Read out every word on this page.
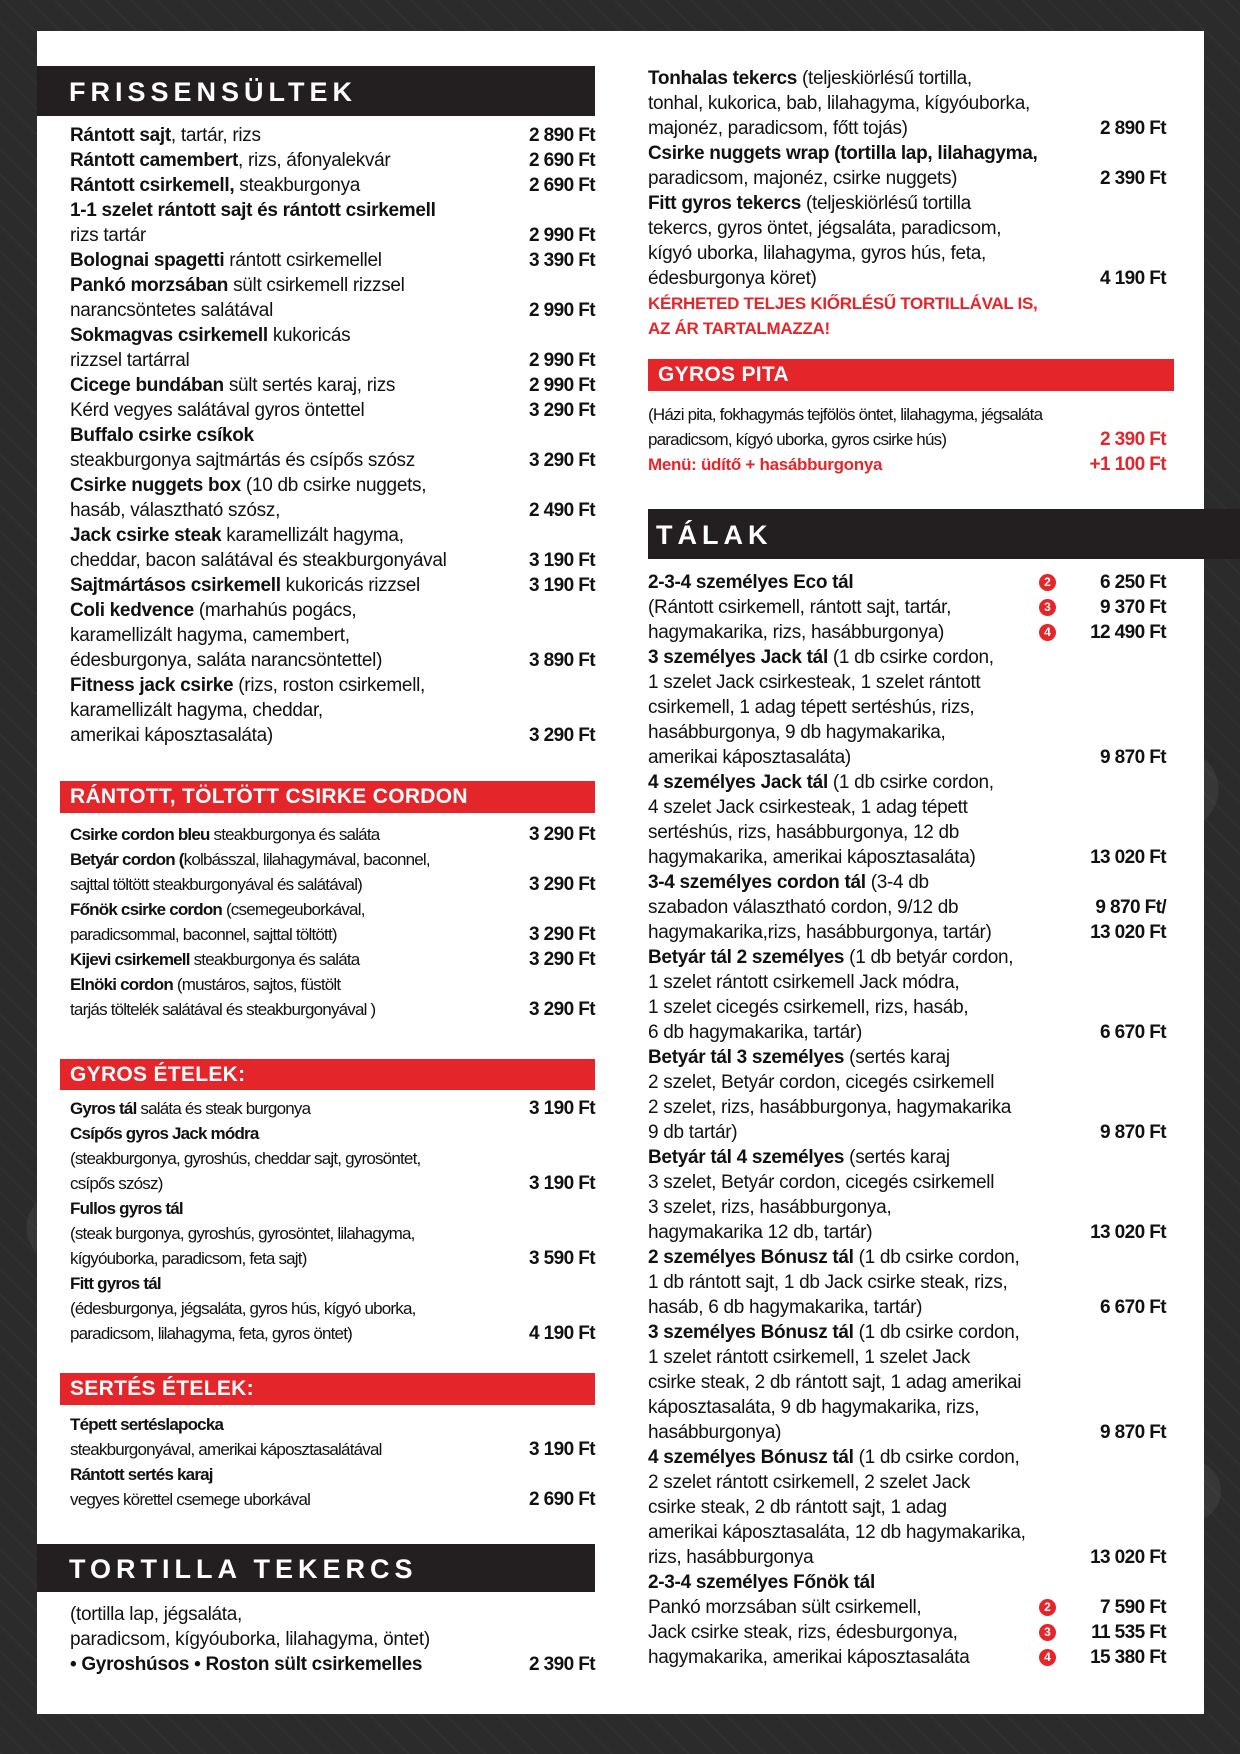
FRISSENSÜLTEK
Rántott sajt, tartár, rizs	2 890 Ft
Rántott camembert, rizs, áfonyalekvár	2 690 Ft
Rántott csirkemell, steakburgonya	2 690 Ft
1-1 szelet rántott sajt és rántott csirkemell
rizs tartár	2 990 Ft
Bolognai spagetti rántott csirkemellel	3 390 Ft
Pankó morzsában sült csirkemell rizzsel
narancsöntetes salátával	2 990 Ft
Sokmagvas csirkemell kukoricás
rizzsel tartárral	2 990 Ft
Cicege bundában sült sertés karaj, rizs	2 990 Ft
Kérd vegyes salátával gyros öntettel	3 290 Ft
Buffalo csirke csíkok
steakburgonya sajtmártás és csípős szósz	3 290 Ft
Csirke nuggets box (10 db csirke nuggets,
hasáb, választható szósz,	2 490 Ft
Jack csirke steak karamellizált hagyma,
cheddar, bacon salátával és steakburgonyával	3 190 Ft
Sajtmártásos csirkemell kukoricás rizzsel	3 190 Ft
Coli kedvence (marhahús pogács,
karamellizált hagyma, camembert,
édesburgonya, saláta narancsöntettel)	3 890 Ft
Fitness jack csirke (rizs, roston csirkemell,
karamellizált hagyma, cheddar,
amerikai káposztasaláta)	3 290 Ft
RÁNTOTT, TÖLTÖTT CSIRKE CORDON
Csirke cordon bleu steakburgonya és saláta	3 290 Ft
Betyár cordon (kolbásszal, lilahagymával, baconnel,
sajttal töltött steakburgonyával és salátával)	3 290 Ft
Főnök csirke cordon (csemegeuborkával,
paradicsommal, baconnel, sajttal töltött)	3 290 Ft
Kijevi csirkemell steakburgonya és saláta	3 290 Ft
Elnöki cordon (mustáros, sajtos, füstölt
tarjás töltelék salátával és steakburgonyával )	3 290 Ft
GYROS ÉTELEK:
Gyros tál saláta és steak burgonya	3 190 Ft
Csípős gyros Jack módra
(steakburgonya, gyroshús, cheddar sajt, gyrosöntet,
csípős szósz)	3 190 Ft
Fullos gyros tál
(steak burgonya, gyroshús, gyrosöntet, lilahagyma,
kígyóuborka, paradicsom, feta sajt)	3 590 Ft
Fitt gyros tál
(édesburgonya, jégsaláta, gyros hús, kígyó uborka,
paradicsom, lilahagyma, feta, gyros öntet)	4 190 Ft
SERTÉS ÉTELEK:
Tépett sertéslapocka
steakburgonyával, amerikai káposztasalátával	3 190 Ft
Rántott sertés karaj
vegyes körettel csemege uborkával	2 690 Ft
TORTILLA TEKERCS
(tortilla lap, jégsaláta,
paradicsom, kígyóuborka, lilahagyma, öntet)
• Gyroshúsos • Roston sült csirkemelles	2 390 Ft
Tonhalas tekercs (teljeskiörlésű tortilla,
tonhal, kukorica, bab, lilahagyma, kígyóuborka,
majonéz, paradicsom, főtt tojás)	2 890 Ft
Csirke nuggets wrap (tortilla lap, lilahagyma,
paradicsom, majonéz, csirke nuggets)	2 390 Ft
Fitt gyros tekercs (teljeskiörlésű tortilla
tekercs, gyros öntet, jégsaláta, paradicsom,
kígyó uborka, lilahagyma, gyros hús, feta,
édesburgonya köret)	4 190 Ft
KÉRHETED TELJES KIŐRLÉSŰ TORTILLÁVAL IS,
AZ ÁR TARTALMAZZA!
GYROS PITA
(Házi pita, fokhagymás tejfölös öntet, lilahagyma, jégsaláta
paradicsom, kígyó uborka, gyros csirke hús)	2 390 Ft
Menü: üdítő + hasábburgonya	+1 100 Ft
TÁLAK
2-3-4 személyes Eco tál	2	6 250 Ft
(Rántott csirkemell, rántott sajt, tartár,	3	9 370 Ft
hagymakarika, rizs, hasábburgonya)	4 12 490 Ft
3 személyes Jack tál (1 db csirke cordon,
1 szelet Jack csirkesteak, 1 szelet rántott
csirkemell, 1 adag tépett sertéshús, rizs,
hasábburgonya, 9 db hagymakarika,
amerikai káposztasaláta)	9 870 Ft
4 személyes Jack tál (1 db csirke cordon,
4 szelet Jack csirkesteak, 1 adag tépett
sertéshús, rizs, hasábburgonya, 12 db
hagymakarika, amerikai káposztasaláta)	13 020 Ft
3-4 személyes cordon tál (3-4 db
szabadon választható cordon, 9/12 db	9 870 Ft/
hagymakarika,rizs, hasábburgonya, tartár)	13 020 Ft
Betyár tál 2 személyes (1 db betyár cordon,
1 szelet rántott csirkemell Jack módra,
1 szelet cicegés csirkemell, rizs, hasáb,
6 db hagymakarika, tartár)	6 670 Ft
Betyár tál 3 személyes (sertés karaj
2 szelet, Betyár cordon, cicegés csirkemell
2 szelet, rizs, hasábburgonya, hagymakarika
9 db tartár)	9 870 Ft
Betyár tál 4 személyes (sertés karaj
3 szelet, Betyár cordon, cicegés csirkemell
3 szelet, rizs, hasábburgonya,
hagymakarika 12 db, tartár)	13 020 Ft
2 személyes Bónusz tál (1 db csirke cordon,
1 db rántott sajt, 1 db Jack csirke steak, rizs,
hasáb, 6 db hagymakarika, tartár)	6 670 Ft
3 személyes Bónusz tál (1 db csirke cordon,
1 szelet rántott csirkemell, 1 szelet Jack
csirke steak, 2 db rántott sajt, 1 adag amerikai
káposztasaláta, 9 db hagymakarika, rizs,
hasábburgonya)	9 870 Ft
4 személyes Bónusz tál (1 db csirke cordon,
2 szelet rántott csirkemell, 2 szelet Jack
csirke steak, 2 db rántott sajt, 1 adag
amerikai káposztasaláta, 12 db hagymakarika,
rizs, hasábburgonya	13 020 Ft
2-3-4 személyes Főnök tál
Pankó morzsában sült csirkemell,	2	7 590 Ft
Jack csirke steak, rizs, édesburgonya,	3 11 535 Ft
hagymakarika, amerikai káposztasaláta	4 15 380 Ft
